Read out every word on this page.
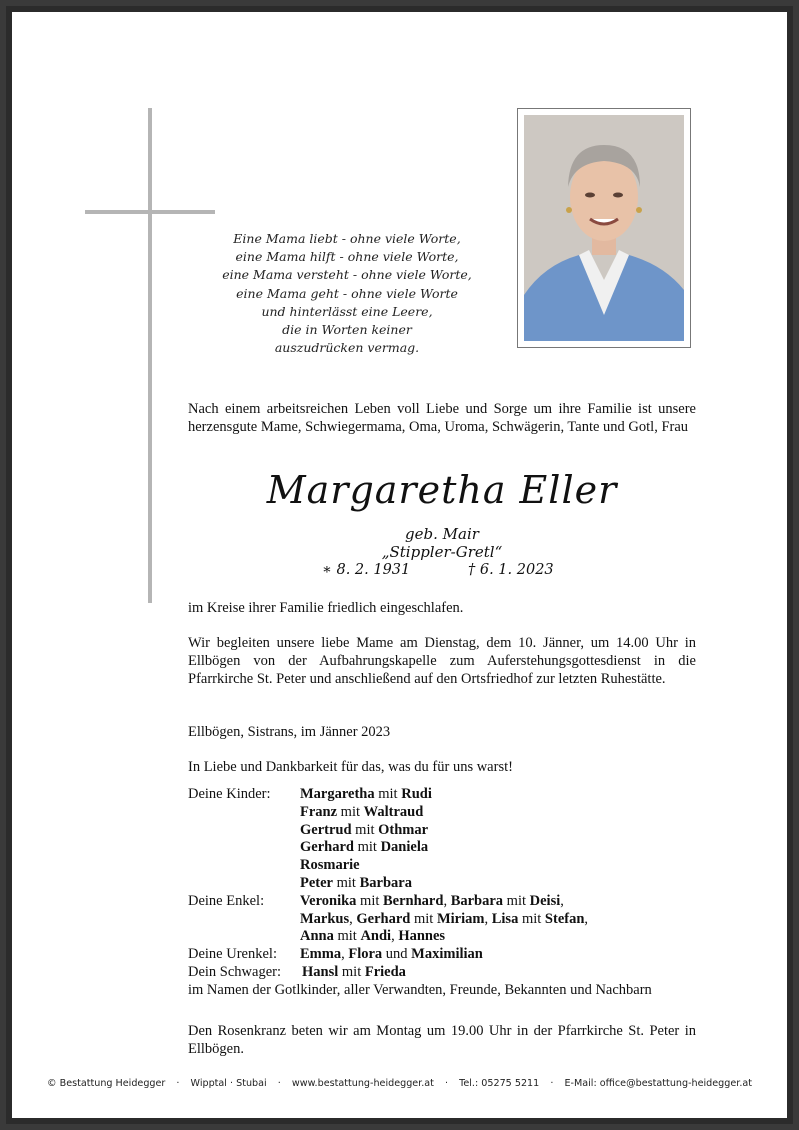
Eine Mama liebt - ohne viele Worte,
eine Mama hilft - ohne viele Worte,
eine Mama versteht - ohne viele Worte,
eine Mama geht - ohne viele Worte
und hinterlässt eine Leere,
die in Worten keiner
auszudrücken vermag.
Nach einem arbeitsreichen Leben voll Liebe und Sorge um ihre Familie ist unsere herzensgute Mame, Schwiegermama, Oma, Uroma, Schwägerin, Tante und Gotl, Frau
Margaretha Eller
geb. Mair
„Stippler-Gretl“
∗ 8. 2. 1931	† 6. 1. 2023
im Kreise ihrer Familie friedlich eingeschlafen.
Wir begleiten unsere liebe Mame am Dienstag, dem 10. Jänner, um 14.00 Uhr in Ellbögen von der Aufbahrungskapelle zum Auferstehungsgottesdienst in die Pfarrkirche St. Peter und anschließend auf den Ortsfriedhof zur letzten Ruhestätte.
Ellbögen, Sistrans, im Jänner 2023
In Liebe und Dankbarkeit für das, was du für uns warst!
Deine Kinder: Margaretha mit Rudi
Franz mit Waltraud
Gertrud mit Othmar
Gerhard mit Daniela
Rosmarie
Peter mit Barbara
Deine Enkel: Veronika mit Bernhard, Barbara mit Deisi,
Markus, Gerhard mit Miriam, Lisa mit Stefan,
Anna mit Andi, Hannes
Deine Urenkel: Emma, Flora und Maximilian
Dein Schwager: Hansl mit Frieda
im Namen der Gotlkinder, aller Verwandten, Freunde, Bekannten und Nachbarn
Den Rosenkranz beten wir am Montag um 19.00 Uhr in der Pfarrkirche St. Peter in Ellbögen.
© Bestattung Heidegger · Wipptal · Stubai · www.bestattung-heidegger.at · Tel.: 05275 5211 · E-Mail: office@bestattung-heidegger.at
